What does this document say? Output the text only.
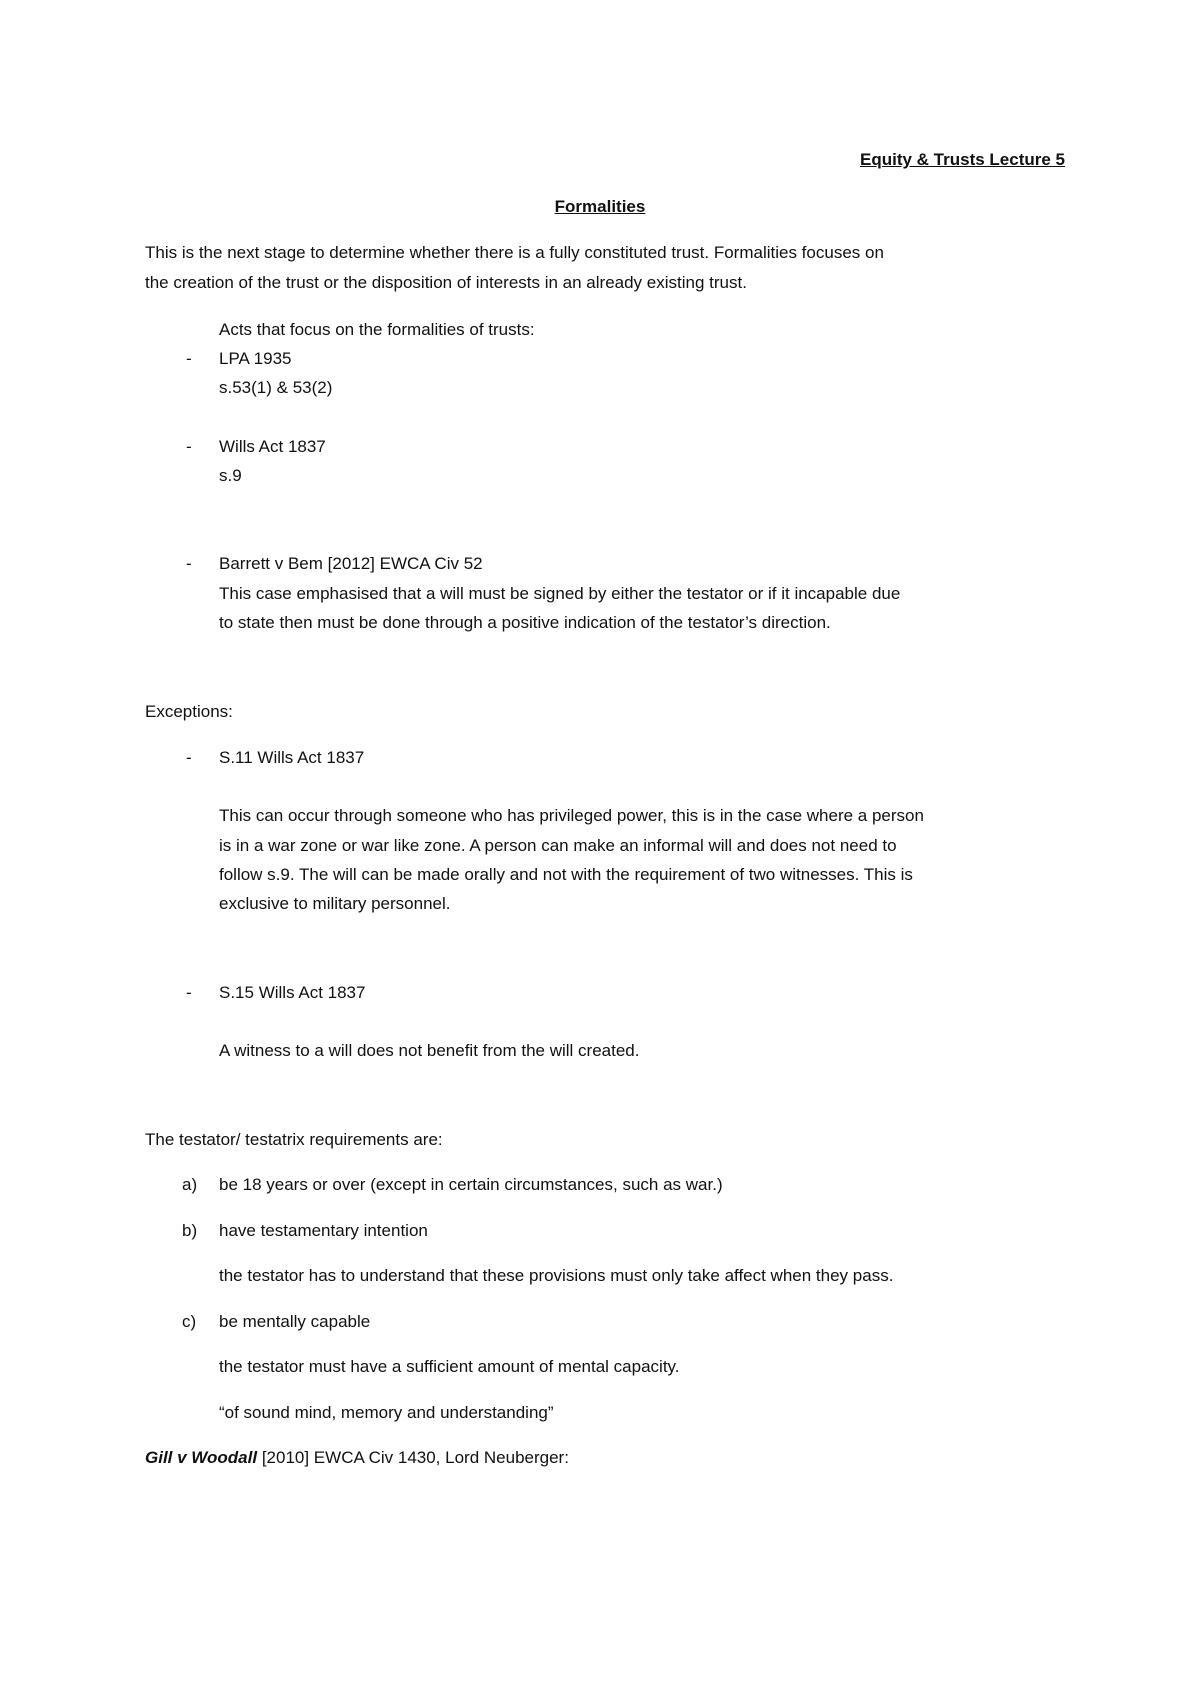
Equity & Trusts Lecture 5
Formalities
This is the next stage to determine whether there is a fully constituted trust. Formalities focuses on
the creation of the trust or the disposition of interests in an already existing trust.
Acts that focus on the formalities of trusts:
- LPA 1935
s.53(1) & 53(2)
- Wills Act 1837
s.9
- Barrett v Bem [2012] EWCA Civ 52
This case emphasised that a will must be signed by either the testator or if it incapable due
to state then must be done through a positive indication of the testator’s direction.
Exceptions:
- S.11 Wills Act 1837
This can occur through someone who has privileged power, this is in the case where a person
is in a war zone or war like zone. A person can make an informal will and does not need to
follow s.9. The will can be made orally and not with the requirement of two witnesses. This is
exclusive to military personnel.
- S.15 Wills Act 1837
A witness to a will does not benefit from the will created.
The testator/ testatrix requirements are:
a) be 18 years or over (except in certain circumstances, such as war.)
b) have testamentary intention
the testator has to understand that these provisions must only take affect when they pass.
c) be mentally capable
the testator must have a sufficient amount of mental capacity.
“of sound mind, memory and understanding”
Gill v Woodall [2010] EWCA Civ 1430, Lord Neuberger:
